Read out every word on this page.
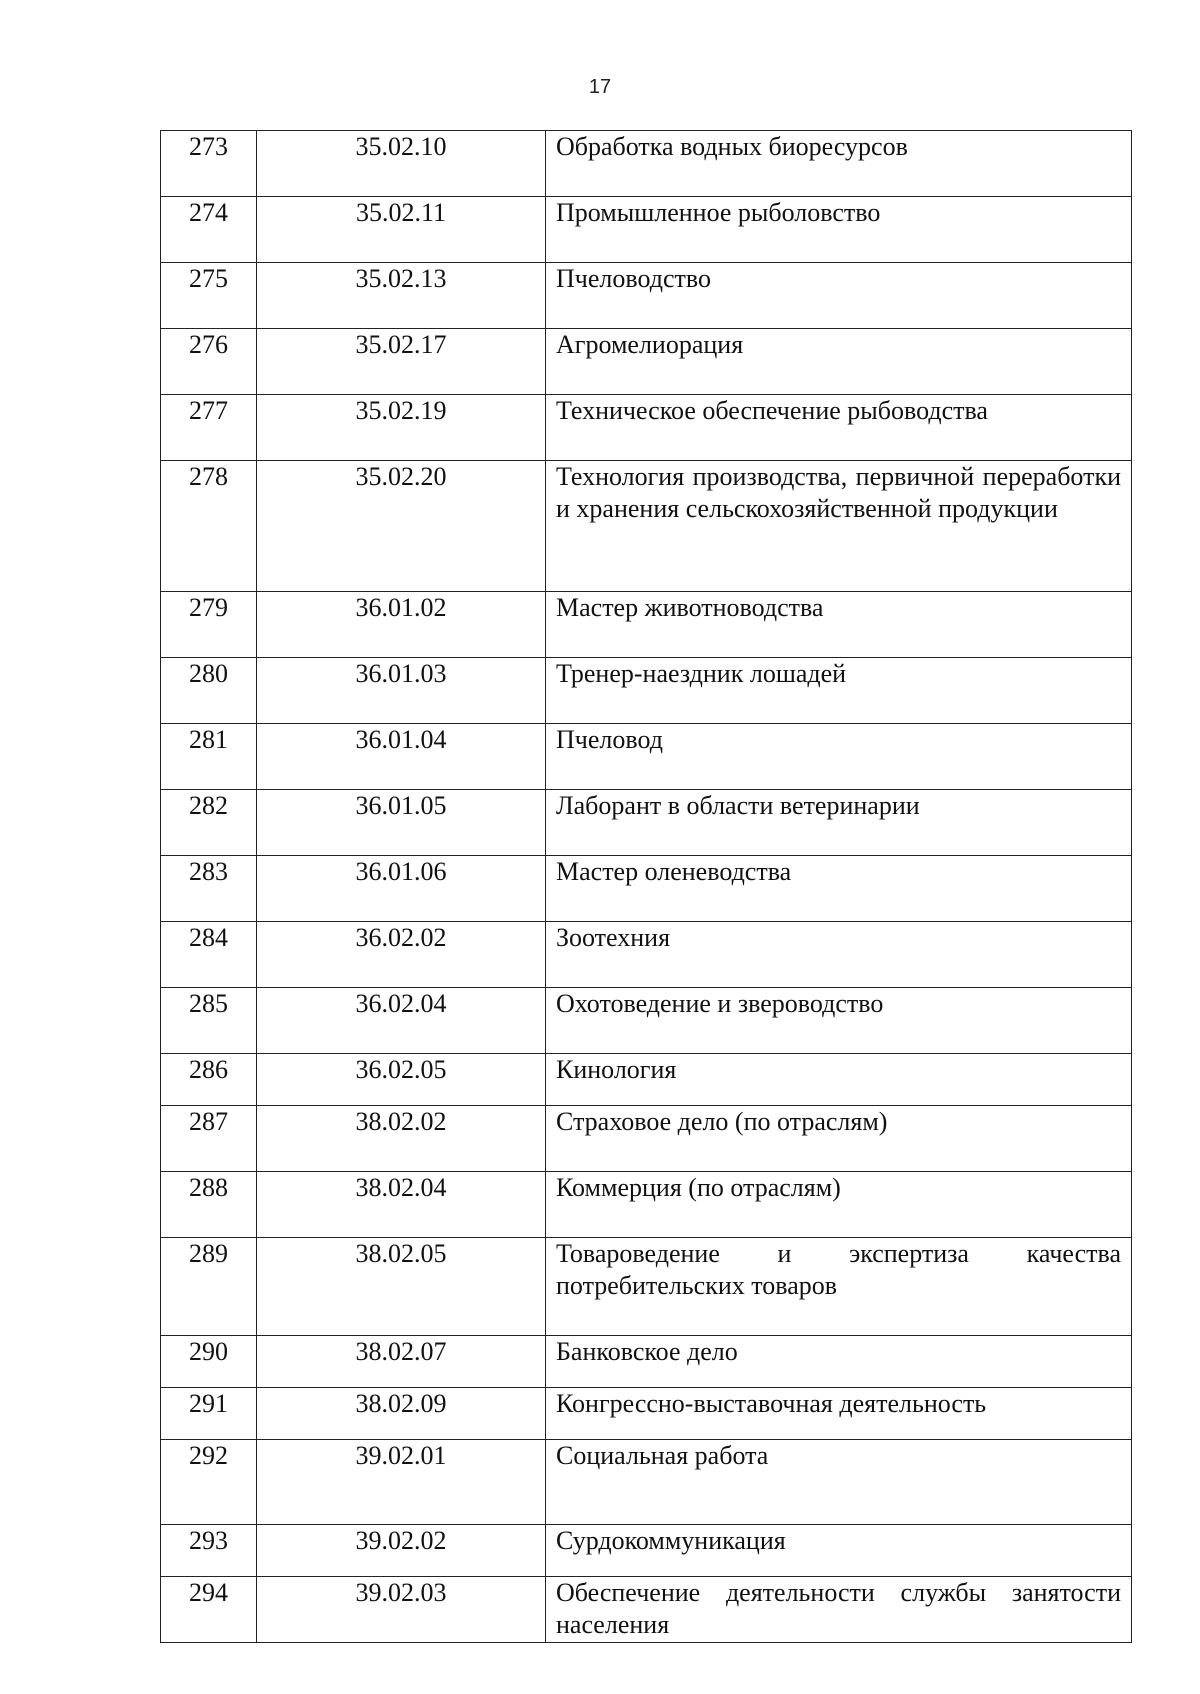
17
273	35.02.10	Обработка водных биоресурсов
274	35.02.11	Промышленное рыболовство
275	35.02.13	Пчеловодство
276	35.02.17	Агромелиорация
277	35.02.19	Техническое обеспечение рыбоводства
278	35.02.20	Технология производства, первичной переработки и хранения сельскохозяйственной продукции
279	36.01.02	Мастер животноводства
280	36.01.03	Тренер-наездник лошадей
281	36.01.04	Пчеловод
282	36.01.05	Лаборант в области ветеринарии
283	36.01.06	Мастер оленеводства
284	36.02.02	Зоотехния
285	36.02.04	Охотоведение и звероводство
286	36.02.05	Кинология
287	38.02.02	Страховое дело (по отраслям)
288	38.02.04	Коммерция (по отраслям)
289	38.02.05	Товароведение и экспертиза качества потребительских товаров
290	38.02.07	Банковское дело
291	38.02.09	Конгрессно-выставочная деятельность
292	39.02.01	Социальная работа
293	39.02.02	Сурдокоммуникация
294	39.02.03	Обеспечение деятельности службы занятости населения
